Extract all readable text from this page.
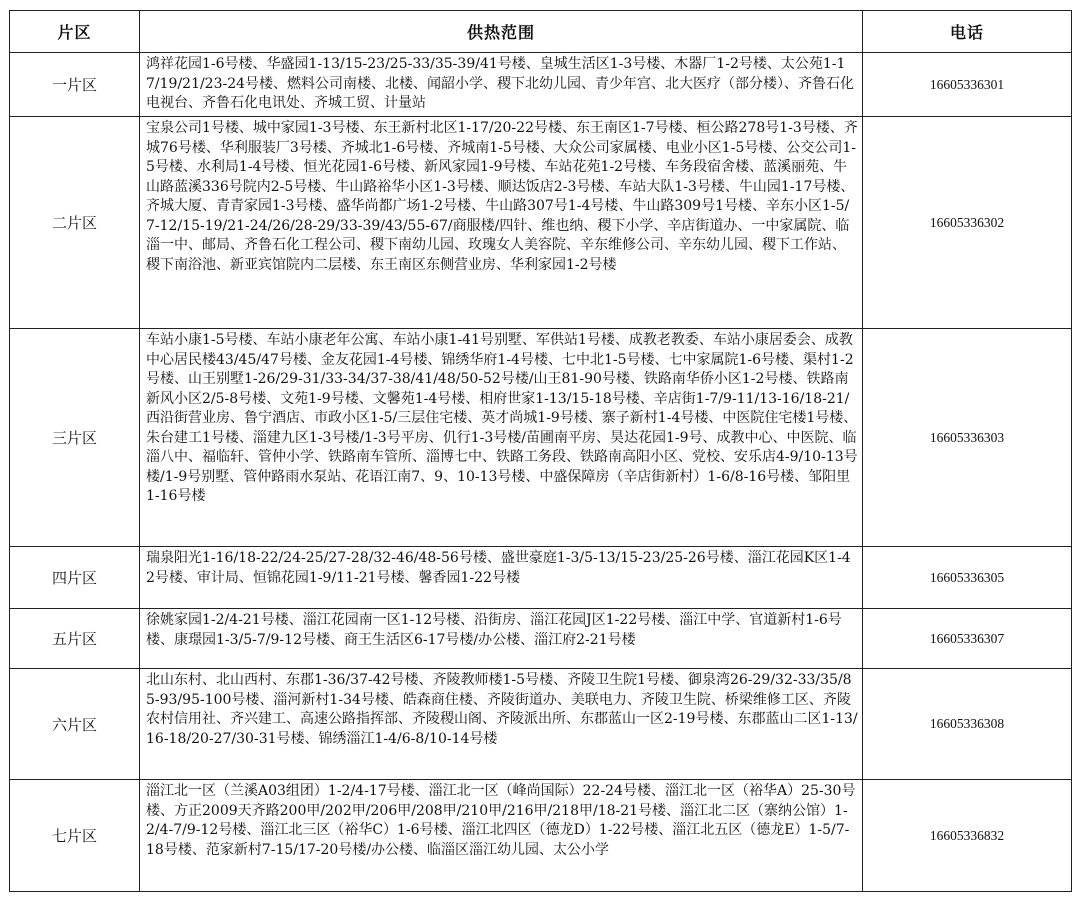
片区	供热范围	电话
一片区	鸿祥花园1-6号楼、华盛园1-13/15-23/25-33/35-39/41号楼、皇城生活区1-3号楼、木器厂1-2号楼、太公苑1-17/19/21/23-24号楼、燃料公司南楼、北楼、闻韶小学、稷下北幼儿园、青少年宫、北大医疗（部分楼）、齐鲁石化电视台、齐鲁石化电讯处、齐城工贸、计量站	16605336301
二片区	宝泉公司1号楼、城中家园1-3号楼、东王新村北区1-17/20-22号楼、东王南区1-7号楼、桓公路278号1-3号楼、齐城76号楼、华利服装厂3号楼、齐城北1-6号楼、齐城南1-5号楼、大众公司家属楼、电业小区1-5号楼、公交公司1-5号楼、水利局1-4号楼、恒光花园1-6号楼、新风家园1-9号楼、车站花苑1-2号楼、车务段宿舍楼、蓝溪丽苑、牛山路蓝溪336号院内2-5号楼、牛山路裕华小区1-3号楼、顺达饭店2-3号楼、车站大队1-3号楼、牛山园1-17号楼、齐城大厦、青青家园1-3号楼、盛华尚都广场1-2号楼、牛山路307号1-4号楼、牛山路309号1号楼、辛东小区1-5/7-12/15-19/21-24/26/28-29/33-39/43/55-67/商服楼/四针、维也纳、稷下小学、辛店街道办、一中家属院、临淄一中、邮局、齐鲁石化工程公司、稷下南幼儿园、玫瑰女人美容院、辛东维修公司、辛东幼儿园、稷下工作站、稷下南浴池、新亚宾馆院内二层楼、东王南区东侧营业房、华利家园1-2号楼	16605336302
三片区	车站小康1-5号楼、车站小康老年公寓、车站小康1-41号别墅、军供站1号楼、成教老教委、车站小康居委会、成教中心居民楼43/45/47号楼、金友花园1-4号楼、锦绣华府1-4号楼、七中北1-5号楼、七中家属院1-6号楼、渠村1-2号楼、山王别墅1-26/29-31/33-34/37-38/41/48/50-52号楼/山王81-90号楼、铁路南华侨小区1-2号楼、铁路南新风小区2/5-8号楼、文苑1-9号楼、文馨苑1-4号楼、相府世家1-13/15-18号楼、辛店街1-7/9-11/13-16/18-21/西沿街营业房、鲁宁酒店、市政小区1-5/三层住宅楼、英才尚城1-9号楼、寨子新村1-4号楼、中医院住宅楼1号楼、朱台建工1号楼、淄建九区1-3号楼/1-3号平房、仉行1-3号楼/苗圃南平房、昊达花园1-9号、成教中心、中医院、临淄八中、福临轩、管仲小学、铁路南车管所、淄博七中、铁路工务段、铁路南高阳小区、党校、安乐店4-9/10-13号楼/1-9号别墅、管仲路雨水泵站、花语江南7、9、10-13号楼、中盛保障房（辛店街新村）1-6/8-16号楼、邹阳里1-16号楼	16605336303
四片区	瑞泉阳光1-16/18-22/24-25/27-28/32-46/48-56号楼、盛世豪庭1-3/5-13/15-23/25-26号楼、淄江花园K区1-42号楼、审计局、恒锦花园1-9/11-21号楼、馨香园1-22号楼	16605336305
五片区	徐姚家园1-2/4-21号楼、淄江花园南一区1-12号楼、沿街房、淄江花园J区1-22号楼、淄江中学、官道新村1-6号楼、康璟园1-3/5-7/9-12号楼、商王生活区6-17号楼/办公楼、淄江府2-21号楼	16605336307
六片区	北山东村、北山西村、东郡1-36/37-42号楼、齐陵教师楼1-5号楼、齐陵卫生院1号楼、御泉湾26-29/32-33/35/85-93/95-100号楼、淄河新村1-34号楼、皓森商住楼、齐陵街道办、美联电力、齐陵卫生院、桥梁维修工区、齐陵农村信用社、齐兴建工、高速公路指挥部、齐陵稷山阁、齐陵派出所、东郡蓝山一区2-19号楼、东郡蓝山二区1-13/16-18/20-27/30-31号楼、锦绣淄江1-4/6-8/10-14号楼	16605336308
七片区	淄江北一区（兰溪A03组团）1-2/4-17号楼、淄江北一区（峰尚国际）22-24号楼、淄江北一区（裕华A）25-30号楼、方正2009天齐路200甲/202甲/206甲/208甲/210甲/216甲/218甲/18-21号楼、淄江北二区（寨纳公馆）1-2/4-7/9-12号楼、淄江北三区（裕华C）1-6号楼、淄江北四区（德龙D）1-22号楼、淄江北五区（德龙E）1-5/7-18号楼、范家新村7-15/17-20号楼/办公楼、临淄区淄江幼儿园、太公小学	16605336832
